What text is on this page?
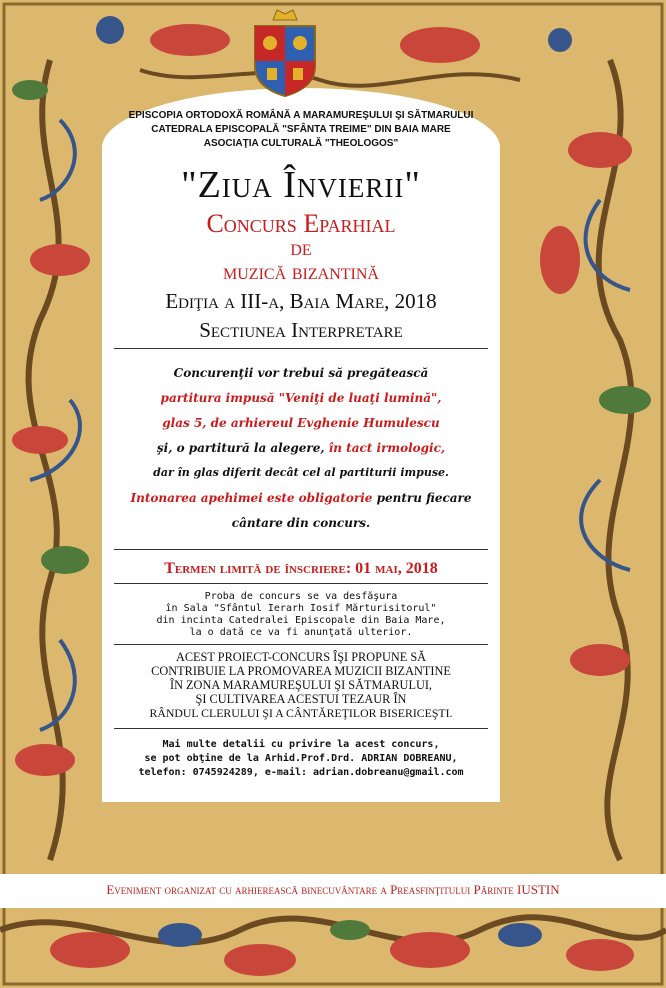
EPISCOPIA ORTODOXĂ ROMÂNĂ A MARAMUREŞULUI ŞI SĂTMARULUI
CATEDRALA EPISCOPALĂ "SFÂNTA TREIME" DIN BAIA MARE
ASOCIAŢIA CULTURALĂ "THEOLOGOS"
"Ziua Învierii"
Concurs Eparhial
de
muzică bizantină
Ediţia a III-a, Baia Mare, 2018
Sectiunea Interpretare
Concurenţii vor trebui să pregătească
partitura impusă "Veniţi de luaţi lumină",
glas 5, de arhiereul Evghenie Humulescu
şi, o partitură la alegere, în tact irmologic,
dar în glas diferit decât cel al partiturii impuse.
Intonarea apehimei este obligatorie pentru fiecare
cântare din concurs.
Termen limită de înscriere: 01 mai, 2018
Proba de concurs se va desfăşura
în Sala "Sfântul Ierarh Iosif Mărturisitorul"
din incinta Catedralei Episcopale din Baia Mare,
la o dată ce va fi anunţată ulterior.
ACEST PROIECT-CONCURS ÎŞI PROPUNE SĂ
CONTRIBUIE LA PROMOVAREA MUZICII BIZANTINE
ÎN ZONA MARAMUREŞULUI ŞI SĂTMARULUI,
ŞI CULTIVAREA ACESTUI TEZAUR ÎN
RÂNDUL CLERULUI ŞI A CÂNTĂREŢILOR BISERICEŞTI.
Mai multe detalii cu privire la acest concurs,
se pot obţine de la Arhid.Prof.Drd. ADRIAN DOBREANU,
telefon: 0745924289, e-mail: adrian.dobreanu@gmail.com
Eveniment organizat cu arhierească binecuvântare a Preasfinţitului Părinte IUSTIN
